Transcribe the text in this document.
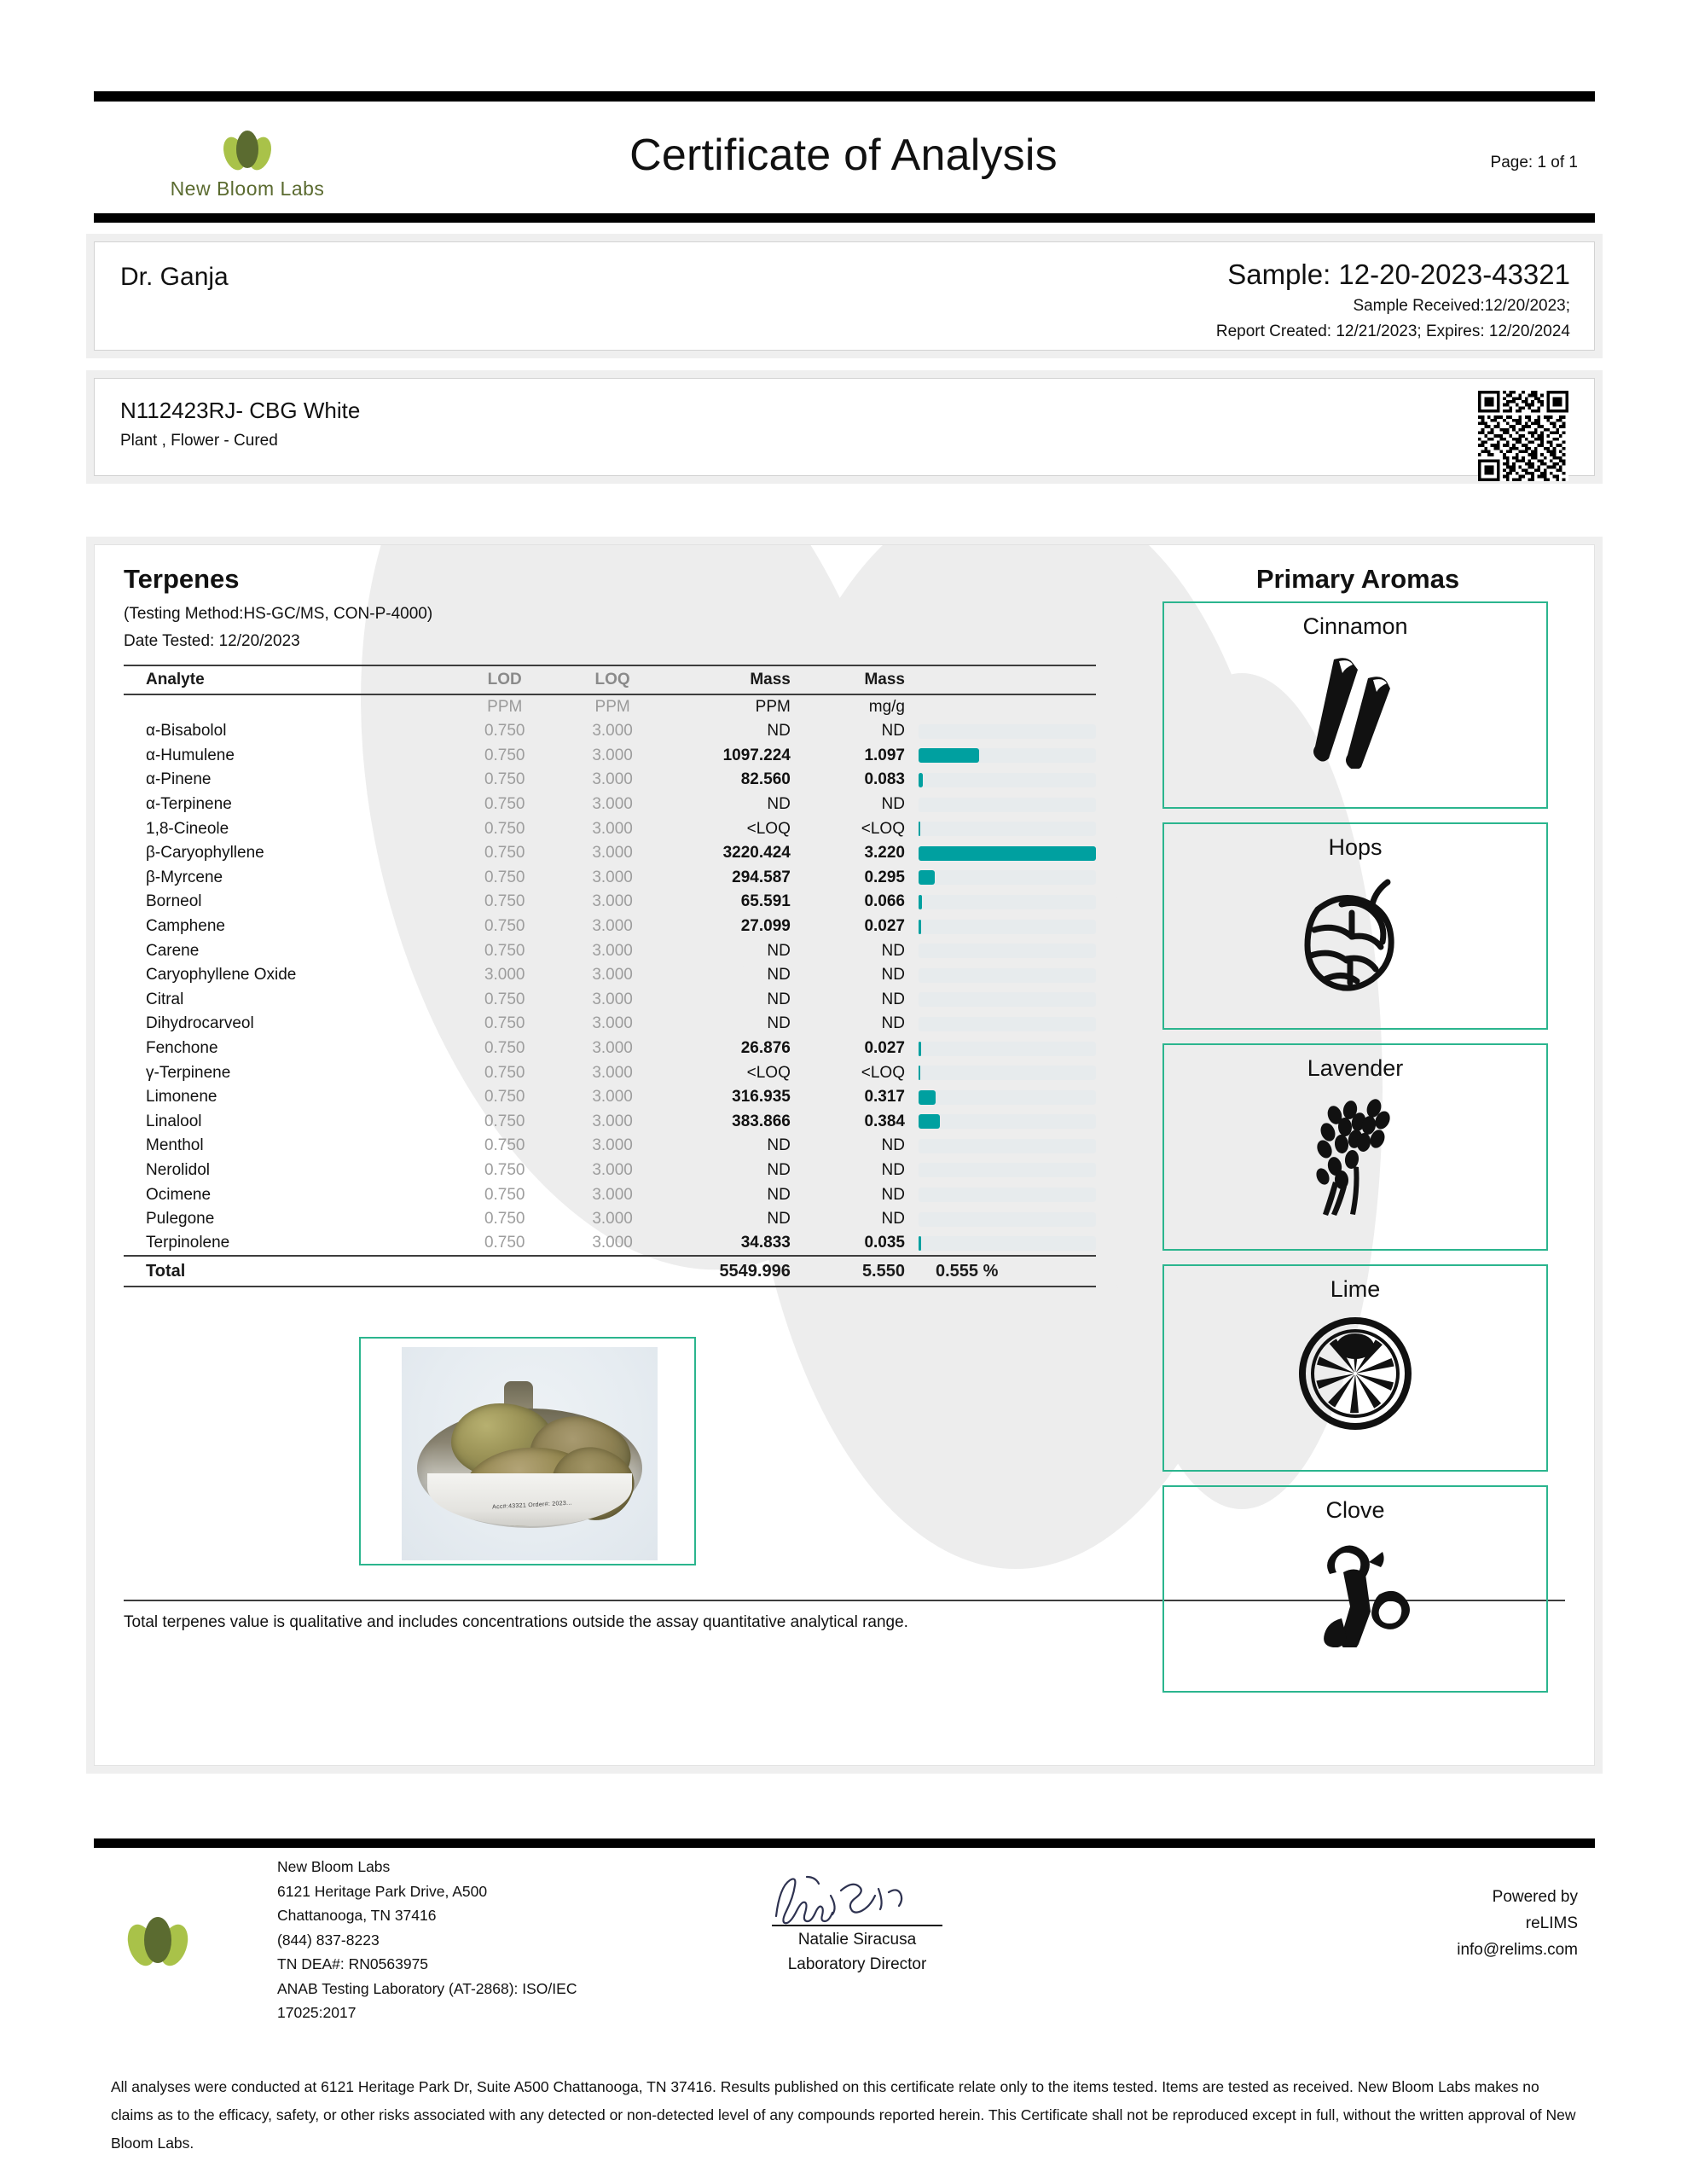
New Bloom Labs
Certificate of Analysis	Page: 1 of 1
Dr. Ganja	Sample: 12-20-2023-43321
Sample Received:12/20/2023;
Report Created: 12/21/2023; Expires: 12/20/2024
N112423RJ- CBG White
Plant , Flower - Cured
Terpenes
(Testing Method:HS-GC/MS, CON-P-4000)
Date Tested: 12/20/2023
Analyte	LOD	LOQ	Mass	Mass	
	PPM	PPM	PPM	mg/g	
α-Bisabolol	0.750	3.000	ND	ND	

α-Humulene	0.750	3.000	1097.224	1.097	

α-Pinene	0.750	3.000	82.560	0.083	

α-Terpinene	0.750	3.000	ND	ND	

1,8-Cineole	0.750	3.000	<LOQ	<LOQ	

β-Caryophyllene	0.750	3.000	3220.424	3.220	

β-Myrcene	0.750	3.000	294.587	0.295	

Borneol	0.750	3.000	65.591	0.066	

Camphene	0.750	3.000	27.099	0.027	

Carene	0.750	3.000	ND	ND	

Caryophyllene Oxide	3.000	3.000	ND	ND	

Citral	0.750	3.000	ND	ND	

Dihydrocarveol	0.750	3.000	ND	ND	

Fenchone	0.750	3.000	26.876	0.027	

γ-Terpinene	0.750	3.000	<LOQ	<LOQ	

Limonene	0.750	3.000	316.935	0.317	

Linalool	0.750	3.000	383.866	0.384	

Menthol	0.750	3.000	ND	ND	

Nerolidol	0.750	3.000	ND	ND	

Ocimene	0.750	3.000	ND	ND	

Pulegone	0.750	3.000	ND	ND	

Terpinolene	0.750	3.000	34.833	0.035	

Total			5549.996	5.550	0.555 %
Acc#:43321 Order#: 2023...
Total terpenes value is qualitative and includes concentrations outside the assay quantitative analytical range.
Primary Aromas
Cinnamon
Hops
Lavender
Lime
Clove
New Bloom Labs
6121 Heritage Park Drive, A500
Chattanooga, TN 37416
(844) 837-8223
TN DEA#: RN0563975
ANAB Testing Laboratory (AT-2868): ISO/IEC
17025:2017
Natalie Siracusa
Laboratory Director
Powered by
reLIMS
info@relims.com
All analyses were conducted at 6121 Heritage Park Dr, Suite A500 Chattanooga, TN 37416. Results published on this certificate relate only to the items tested. Items are tested as received. New Bloom Labs makes no claims as to the efficacy, safety, or other risks associated with any detected or non-detected level of any compounds reported herein. This Certificate shall not be reproduced except in full, without the written approval of New Bloom Labs.
